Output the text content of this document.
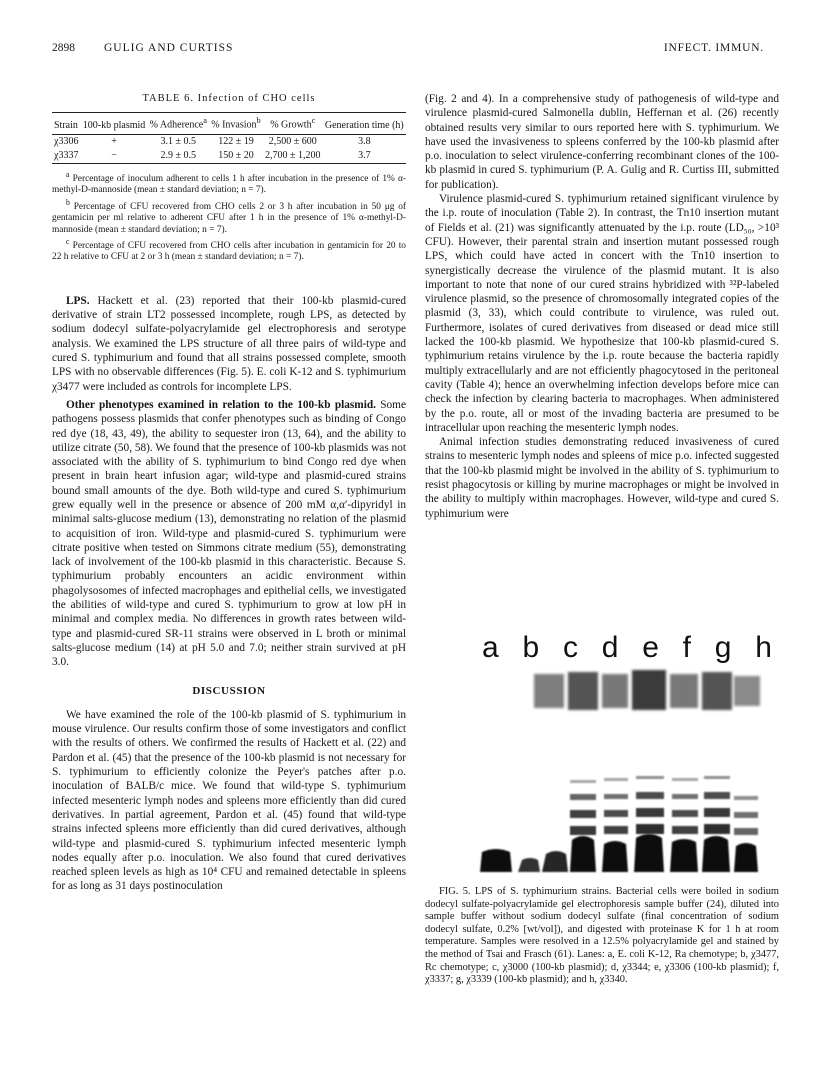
2898	GULIG AND CURTISS	INFECT. IMMUN.
TABLE 6. Infection of CHO cells
Strain	100-kb plasmid	% Adherence$^a$	% Invasion$^b$	% Growth$^c$	Generation time (h)
χ3306	+	3.1 ± 0.5	122 ± 19	2,500 ± 600	3.8
χ3337	−	2.9 ± 0.5	150 ± 20	2,700 ± 1,200	3.7

$^a$ Percentage of inoculum adherent to cells 1 h after incubation in the presence of 1% α-methyl-D-mannoside (mean ± standard deviation; n = 7).

$^b$ Percentage of CFU recovered from CHO cells 2 or 3 h after incubation in 50 μg of gentamicin per ml relative to adherent CFU after 1 h in the presence of 1% α-methyl-D-mannoside (mean ± standard deviation; n = 7).

$^c$ Percentage of CFU recovered from CHO cells after incubation in gentamicin for 20 to 22 h relative to CFU at 2 or 3 h (mean ± standard deviation; n = 7).

LPS. Hackett et al. (23) reported that their 100-kb plasmid-cured derivative of strain LT2 possessed incomplete, rough LPS, as detected by sodium dodecyl sulfate-polyacrylamide gel electrophoresis and serotype analysis. We examined the LPS structure of all three pairs of wild-type and cured S. typhimurium and found that all strains possessed complete, smooth LPS with no observable differences (Fig. 5). E. coli K-12 and S. typhimurium χ3477 were included as controls for incomplete LPS.

Other phenotypes examined in relation to the 100-kb plasmid. Some pathogens possess plasmids that confer phenotypes such as binding of Congo red dye (18, 43, 49), the ability to sequester iron (13, 64), and the ability to utilize citrate (50, 58). We found that the presence of 100-kb plasmids was not associated with the ability of S. typhimurium to bind Congo red dye when present in brain heart infusion agar; wild-type and plasmid-cured strains bound small amounts of the dye. Both wild-type and cured S. typhimurium grew equally well in the presence or absence of 200 mM α,α′-dipyridyl in minimal salts-glucose medium (13), demonstrating no relation of the plasmid to acquisition of iron. Wild-type and plasmid-cured S. typhimurium were citrate positive when tested on Simmons citrate medium (55), demonstrating lack of involvement of the 100-kb plasmid in this characteristic. Because S. typhimurium probably encounters an acidic environment within phagolysosomes of infected macrophages and epithelial cells, we investigated the abilities of wild-type and cured S. typhimurium to grow at low pH in minimal and complex media. No differences in growth rates between wild-type and plasmid-cured SR-11 strains were observed in L broth or minimal salts-glucose medium (14) at pH 5.0 and 7.0; neither strain survived at pH 3.0.

DISCUSSION

We have examined the role of the 100-kb plasmid of S. typhimurium in mouse virulence. Our results confirm those of some investigators and conflict with the results of others. We confirmed the results of Hackett et al. (22) and Pardon et al. (45) that the presence of the 100-kb plasmid is not necessary for S. typhimurium to efficiently colonize the Peyer's patches after p.o. inoculation of BALB/c mice. We found that wild-type S. typhimurium infected mesenteric lymph nodes and spleens more efficiently than did cured derivatives. In partial agreement, Pardon et al. (45) found that wild-type strains infected spleens more efficiently than did cured derivatives, although wild-type and plasmid-cured S. typhimurium infected mesenteric lymph nodes equally after p.o. inoculation. We also found that cured derivatives reached spleen levels as high as 10⁴ CFU and remained detectable in spleens for as long as 31 days postinoculation

(Fig. 2 and 4). In a comprehensive study of pathogenesis of wild-type and virulence plasmid-cured Salmonella dublin, Heffernan et al. (26) recently obtained results very similar to ours reported here with S. typhimurium. We have used the invasiveness to spleens conferred by the 100-kb plasmid after p.o. inoculation to select virulence-conferring recombinant clones of the 100-kb plasmid in cured S. typhimurium (P. A. Gulig and R. Curtiss III, submitted for publication).

Virulence plasmid-cured S. typhimurium retained significant virulence by the i.p. route of inoculation (Table 2). In contrast, the Tn10 insertion mutant of Fields et al. (21) was significantly attenuated by the i.p. route (LD₅₀, >10³ CFU). However, their parental strain and insertion mutant possessed rough LPS, which could have acted in concert with the Tn10 insertion to synergistically decrease the virulence of the plasmid mutant. It is also important to note that none of our cured strains hybridized with ³²P-labeled virulence plasmid, so the presence of chromosomally integrated copies of the plasmid (3, 33), which could contribute to virulence, was ruled out. Furthermore, isolates of cured derivatives from diseased or dead mice still lacked the 100-kb plasmid. We hypothesize that 100-kb plasmid-cured S. typhimurium retains virulence by the i.p. route because the bacteria rapidly multiply extracellularly and are not efficiently phagocytosed in the peritoneal cavity (Table 4); hence an overwhelming infection develops before mice can check the infection by clearing bacteria to macrophages. When administered by the p.o. route, all or most of the invading bacteria are presumed to be intracellular upon reaching the mesenteric lymph nodes.

Animal infection studies demonstrating reduced invasiveness of cured strains to mesenteric lymph nodes and spleens of mice p.o. infected suggested that the 100-kb plasmid might be involved in the ability of S. typhimurium to resist phagocytosis or killing by murine macrophages or might be involved in the ability to multiply within macrophages. However, wild-type and cured S. typhimurium were

a b c d e f g h

FIG. 5. LPS of S. typhimurium strains. Bacterial cells were boiled in sodium dodecyl sulfate-polyacrylamide gel electrophoresis sample buffer (24), diluted into sample buffer without sodium dodecyl sulfate (final concentration of sodium dodecyl sulfate, 0.2% [wt/vol]), and digested with proteinase K for 1 h at room temperature. Samples were resolved in a 12.5% polyacrylamide gel and stained by the method of Tsai and Frasch (61). Lanes: a, E. coli K-12, Ra chemotype; b, χ3477, Rc chemotype; c, χ3000 (100-kb plasmid); d, χ3344; e, χ3306 (100-kb plasmid); f, χ3337; g, χ3339 (100-kb plasmid); and h, χ3340.
